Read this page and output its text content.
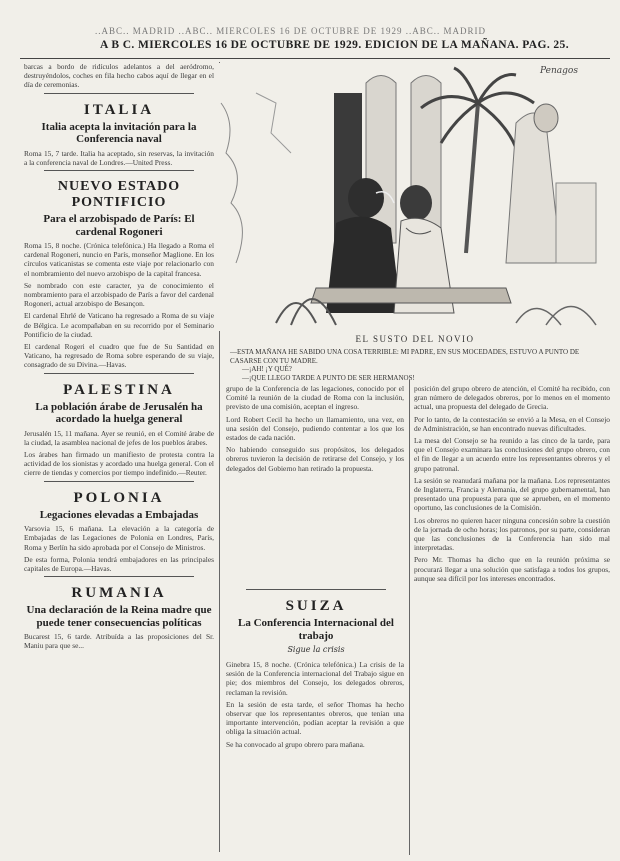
..ABC.. MADRID ..ABC.. MIERCOLES 16 DE OCTUBRE DE 1929 ..ABC.. MADRID
A B C. MIERCOLES 16 DE OCTUBRE DE 1929. EDICION DE LA MAÑANA. PAG. 25.

barcas a bordo de ridículos adelantos a del aeródromo, destruyéndolos, coches en fila hecho cabos aquí de llegar en el día de ceremonias.

ITALIA
Italia acepta la invitación para la Conferencia naval

Roma 15, 7 tarde. Italia ha aceptado, sin reservas, la invitación a la conferencia naval de Londres.—United Press.

NUEVO ESTADO PONTIFICIO
Para el arzobispado de París: El cardenal Rogoneri

Roma 15, 8 noche. (Crónica telefónica.) Ha llegado a Roma el cardenal Rogoneri, nuncio en París, monseñor Maglione. En los círculos vaticanistas se comenta este viaje por relacionarlo con el nombramiento del nuevo arzobispo de la capital francesa.

Se nombrado con este caracter, ya de conocimiento el nombramiento para el arzobispado de París a favor del cardenal Rogoneri, actual arzobispo de Besançon.

El cardenal Ehrlé de Vaticano ha regresado a Roma de su viaje de Bélgica. Le acompañaban en su recorrido por el Seminario Pontificio de la ciudad.

El cardenal Rogeri el cuadro que fue de Su Santidad en Vaticano, ha regresado de Roma sobre esperando de su viaje, consagrado de su Divina.—Havas.

PALESTINA
La población árabe de Jerusalén ha acordado la huelga general

Jerusalén 15, 11 mañana. Ayer se reunió, en el Comité árabe de la ciudad, la asamblea nacional de jefes de los pueblos árabes.

Los árabes han firmado un manifiesto de protesta contra la actividad de los sionistas y acordado una huelga general. Con el cierre de tiendas y comercios por tiempo indefinido.—Reuter.

POLONIA
Legaciones elevadas a Embajadas

Varsovia 15, 6 mañana. La elevación a la categoría de Embajadas de las Legaciones de Polonia en Londres, París, Roma y Berlín ha sido aprobada por el Consejo de Ministros.

De esta forma, Polonia tendrá embajadores en las principales capitales de Europa.—Havas.

RUMANIA
Una declaración de la Reina madre que puede tener consecuencias políticas

Bucarest 15, 6 tarde. Atribuída a las proposiciones del Sr. Maniu para que se...

Penagos
EL SUSTO DEL NOVIO
—ESTA MAÑANA HE SABIDO UNA COSA TERRIBLE: MI PADRE, EN SUS MOCEDADES, ESTUVO A PUNTO DE CASARSE CON TU MADRE.
—¡AH! ¡Y QUÉ?
—¡QUE LLEGO TARDE A PUNTO DE SER HERMANOS!

grupo de la Conferencia de las legaciones, conocido por el Comité la reunión de la ciudad de Roma con la inclusión, previsto de una comisión, aceptan el ingreso.

Lord Robert Cecil ha hecho un llamamiento, una vez, en una sesión del Consejo, pudiendo contentar a los que los estados de cada nación.

No habiendo conseguido sus propósitos, los delegados obreros tuvieron la decisión de retirarse del Consejo, y los delegados del Gobierno han retirado la propuesta.

SUIZA
La Conferencia Internacional del trabajo
Sigue la crisis

Ginebra 15, 8 noche. (Crónica telefónica.) La crisis de la sesión de la Conferencia internacional del Trabajo sigue en pie; dos miembros del Consejo, los delegados obreros, reclaman la revisión.

En la sesión de esta tarde, el señor Thomas ha hecho observar que los representantes obreros, que tenían una importante intervención, podían aceptar la revisión a que obliga la situación actual.

Se ha convocado al grupo obrero para mañana.

posición del grupo obrero de atención, el Comité ha recibido, con gran número de delegados obreros, por lo menos en el momento actual, una propuesta del delegado de Grecia.

Por lo tanto, de la contestación se envió a la Mesa, en el Consejo de Administración, se han encontrado nuevas dificultades.

La mesa del Consejo se ha reunido a las cinco de la tarde, para que el Consejo examinara las conclusiones del grupo obrero, con el fin de llegar a un acuerdo entre los representantes obreros y el grupo patronal.

La sesión se reanudará mañana por la mañana. Los representantes de Inglaterra, Francia y Alemania, del grupo gubernamental, han presentado una propuesta para que se aprueben, en el momento oportuno, las conclusiones de la Comisión.

Los obreros no quieren hacer ninguna concesión sobre la cuestión de la jornada de ocho horas; los patronos, por su parte, consideran que las conclusiones de la Conferencia han sido mal interpretadas.

Pero Mr. Thomas ha dicho que en la reunión próxima se procurará llegar a una solución que satisfaga a todos los grupos, aunque sea difícil por los intereses encontrados.
